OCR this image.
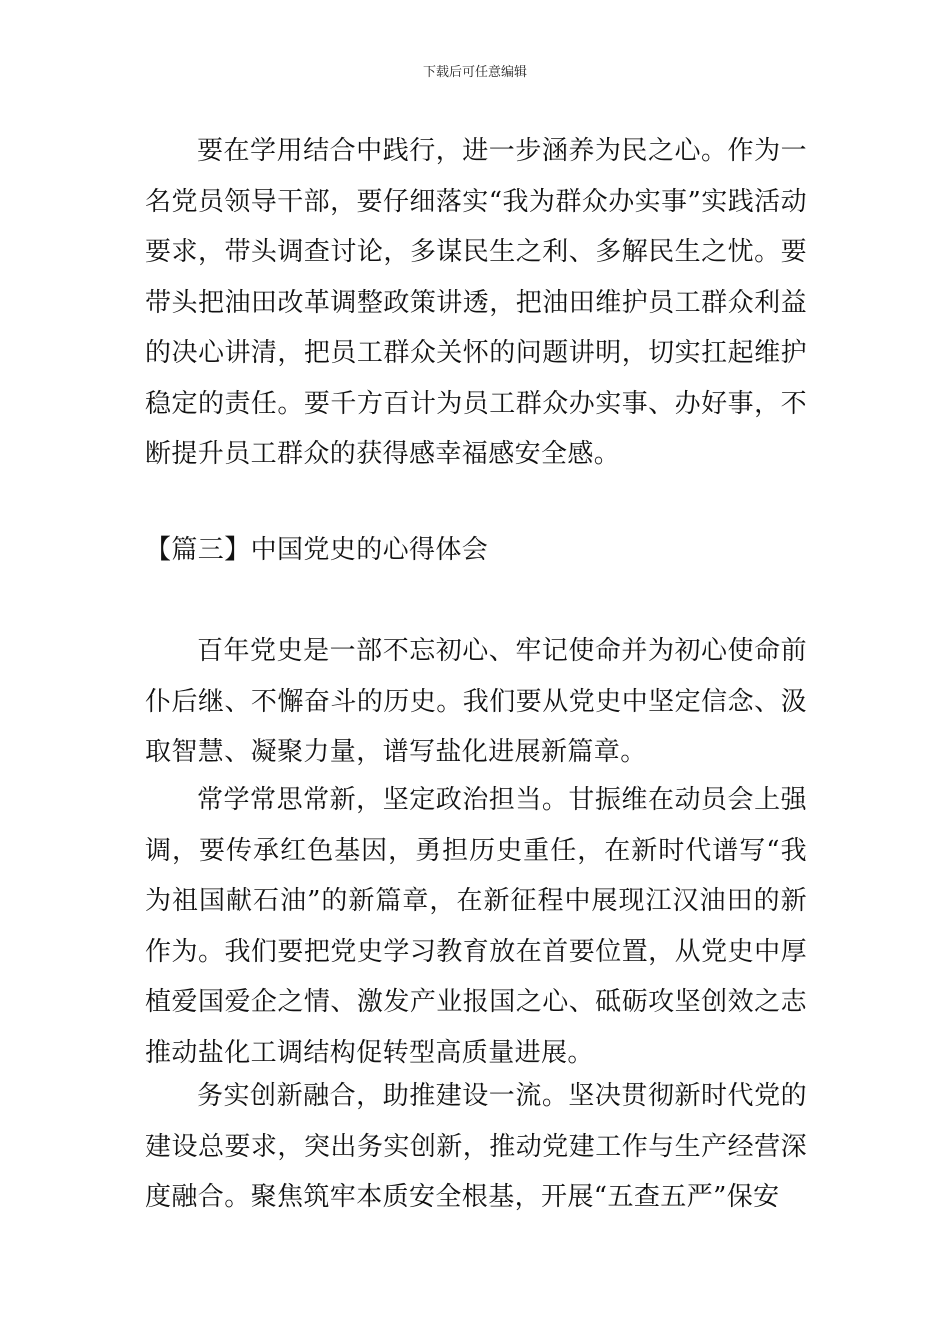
下载后可任意编辑

要在学用结合中践行，进一步涵养为民之心。作为一名党员领导干部，要仔细落实“我为群众办实事”实践活动要求，带头调查讨论，多谋民生之利、多解民生之忧。要带头把油田改革调整政策讲透，把油田维护员工群众利益的决心讲清，把员工群众关怀的问题讲明，切实扛起维护稳定的责任。要千方百计为员工群众办实事、办好事，不断提升员工群众的获得感幸福感安全感。

【篇三】中国党史的心得体会

百年党史是一部不忘初心、牢记使命并为初心使命前仆后继、不懈奋斗的历史。我们要从党史中坚定信念、汲取智慧、凝聚力量，谱写盐化进展新篇章。

常学常思常新，坚定政治担当。甘振维在动员会上强调，要传承红色基因，勇担历史重任，在新时代谱写“我为祖国献石油”的新篇章，在新征程中展现江汉油田的新作为。我们要把党史学习教育放在首要位置，从党史中厚植爱国爱企之情、激发产业报国之心、砥砺攻坚创效之志推动盐化工调结构促转型高质量进展。

务实创新融合，助推建设一流。坚决贯彻新时代党的建设总要求，突出务实创新，推动党建工作与生产经营深度融合。聚焦筑牢本质安全根基，开展“五查五严”保安
